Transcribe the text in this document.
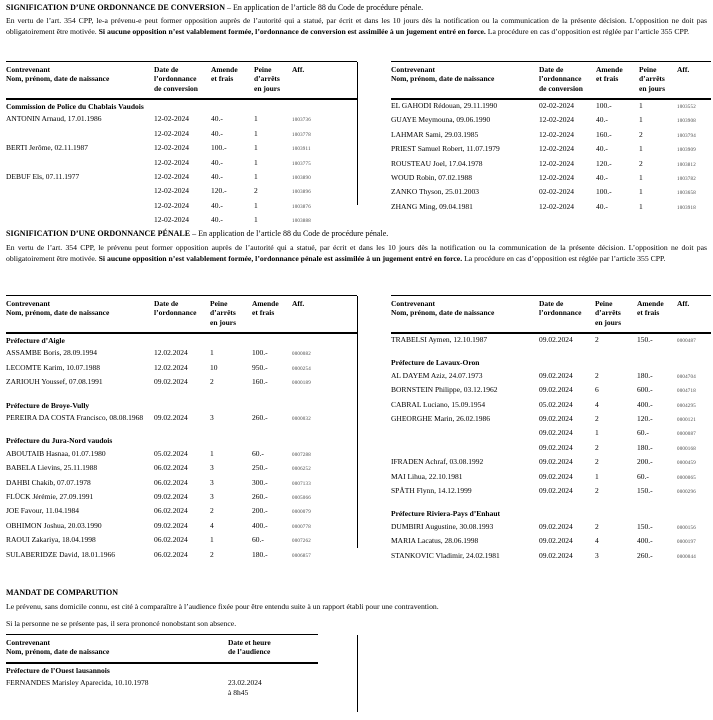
SIGNIFICATION D’UNE ORDONNANCE DE CONVERSION – En application de l’article 88 du Code de procédure pénale.
En vertu de l’art. 354 CPP, le-a prévenu-e peut former opposition auprès de l’autorité qui a statué, par écrit et dans les 10 jours dès la notification ou la communication de la présente décision. L’opposition ne doit pas obligatoirement être motivée. Si aucune opposition n’est valablement formée, l’ordonnance de conversion est assimilée à un jugement entré en force. La procédure en cas d’opposition est réglée par l’article 355 CPP.
Contrevenant
Nom, prénom, date de naissance

Date de
l’ordonnance
de conversion

Amende
et frais

Peine
d’arrêts
en jours

Aff.

Commission de Police du Chablais Vaudois				
ANTONIN Arnaud, 17.01.1986	12-02-2024	40.-	1	1003736
	12-02-2024	40.-	1	1003778
BERTI Jerôme, 02.11.1987	12-02-2024	100.-	1	1003911
	12-02-2024	40.-	1	1003775
DEBUF Els, 07.11.1977	12-02-2024	40.-	1	1003890
	12-02-2024	120.-	2	1003896
	12-02-2024	40.-	1	1003876
	12-02-2024	40.-	1	1003888
Contrevenant
Nom, prénom, date de naissance

Date de
l’ordonnance
de conversion

Amende
et frais

Peine
d’arrêts
en jours

Aff.

EL GAHODI Rédouan, 29.11.1990	02-02-2024	100.-	1	1003552
GUAYE Meymouna, 09.06.1990	12-02-2024	40.-	1	1003908
LAHMAR Sami, 29.03.1985	12-02-2024	160.-	2	1003794
PRIEST Samuel Robert, 11.07.1979	12-02-2024	40.-	1	1003909
ROUSTEAU Joel, 17.04.1978	12-02-2024	120.-	2	1003812
WOUD Robin, 07.02.1988	12-02-2024	40.-	1	1003782
ZANKO Thyson, 25.01.2003	02-02-2024	100.-	1	1003658
ZHANG Ming, 09.04.1981	12-02-2024	40.-	1	1003918
SIGNIFICATION D’UNE ORDONNANCE PÉNALE – En application de l’article 88 du Code de procédure pénale.
En vertu de l’art. 354 CPP, le prévenu peut former opposition auprès de l’autorité qui a statué, par écrit et dans les 10 jours dès la notification ou la communication de la présente décision. L’opposition ne doit pas obligatoirement être motivée. Si aucune opposition n’est valablement formée, l’ordonnance pénale est assimilée à un jugement entré en force. La procédure en cas d’opposition est réglée par l’article 355 CPP.
Contrevenant
Nom, prénom, date de naissance

Date de
l’ordonnance

Peine
d’arrêts
en jours

Amende
et frais

Aff.

Préfecture d’Aigle				
ASSAMBE Boris, 28.09.1994	12.02.2024	1	100.-	0000082
LECOMTE Karim, 10.07.1988	12.02.2024	10	950.-	0000254
ZARIOUH Youssef, 07.08.1991	09.02.2024	2	160.-	0000189
Préfecture de Broye-Vully				
PEREIRA DA COSTA Francisco, 08.08.1968	09.02.2024	3	260.-	0000032
Préfecture du Jura-Nord vaudois				
ABOUTAIB Hasnaa, 01.07.1980	05.02.2024	1	60.-	0007288
BABELA Lievins, 25.11.1988	06.02.2024	3	250.-	0006252
DAHBI Chakib, 07.07.1978	06.02.2024	3	300.-	0007133
FLÜCK Jérémie, 27.09.1991	09.02.2024	3	260.-	0005066
JOE Favour, 11.04.1984	06.02.2024	2	200.-	0000079
OBHIMON Joshua, 20.03.1990	09.02.2024	4	400.-	0000778
RAOUI Zakariya, 18.04.1998	06.02.2024	1	60.-	0007262
SULABERIDZE David, 18.01.1966	06.02.2024	2	180.-	0006857
Contrevenant
Nom, prénom, date de naissance

Date de
l’ordonnance

Peine
d’arrêts
en jours

Amende
et frais

Aff.

TRABELSI Aymen, 12.10.1987	09.02.2024	2	150.-	0000487
Préfecture de Lavaux-Oron				
AL DAYEM Aziz, 24.07.1973	09.02.2024	2	180.-	0004704
BORNSTEIN Philippe, 03.12.1962	09.02.2024	6	600.-	0004718
CABRAL Luciano, 15.09.1954	05.02.2024	4	400.-	0004295
GHEORGHE Marin, 26.02.1986	09.02.2024	2	120.-	0000121
	09.02.2024	1	60.-	0000087
	09.02.2024	2	180.-	0000168
IFRADEN Achraf, 03.08.1992	09.02.2024	2	200.-	0000459
MAI Lihua, 22.10.1981	09.02.2024	1	60.-	0000065
SPÄTH Flynn, 14.12.1999	09.02.2024	2	150.-	0000296
Préfecture Riviera-Pays d’Enhaut				
DUMBIRI Augustine, 30.08.1993	09.02.2024	2	150.-	0000156
MARIA Lacatus, 28.06.1998	09.02.2024	4	400.-	0000197
STANKOVIC Vladimir, 24.02.1981	09.02.2024	3	260.-	0000044
MANDAT DE COMPARUTION
Le prévenu, sans domicile connu, est cité à comparaître à l’audience fixée pour être entendu suite à un rapport établi pour une contravention.
Si la personne ne se présente pas, il sera prononcé nonobstant son absence.
Contrevenant
Nom, prénom, date de naissance

Date et heure
de l’audience

Préfecture de l’Ouest lausannois	
FERNANDES Marisley Aparecida, 10.10.1978	23.02.2024
à 8h45
